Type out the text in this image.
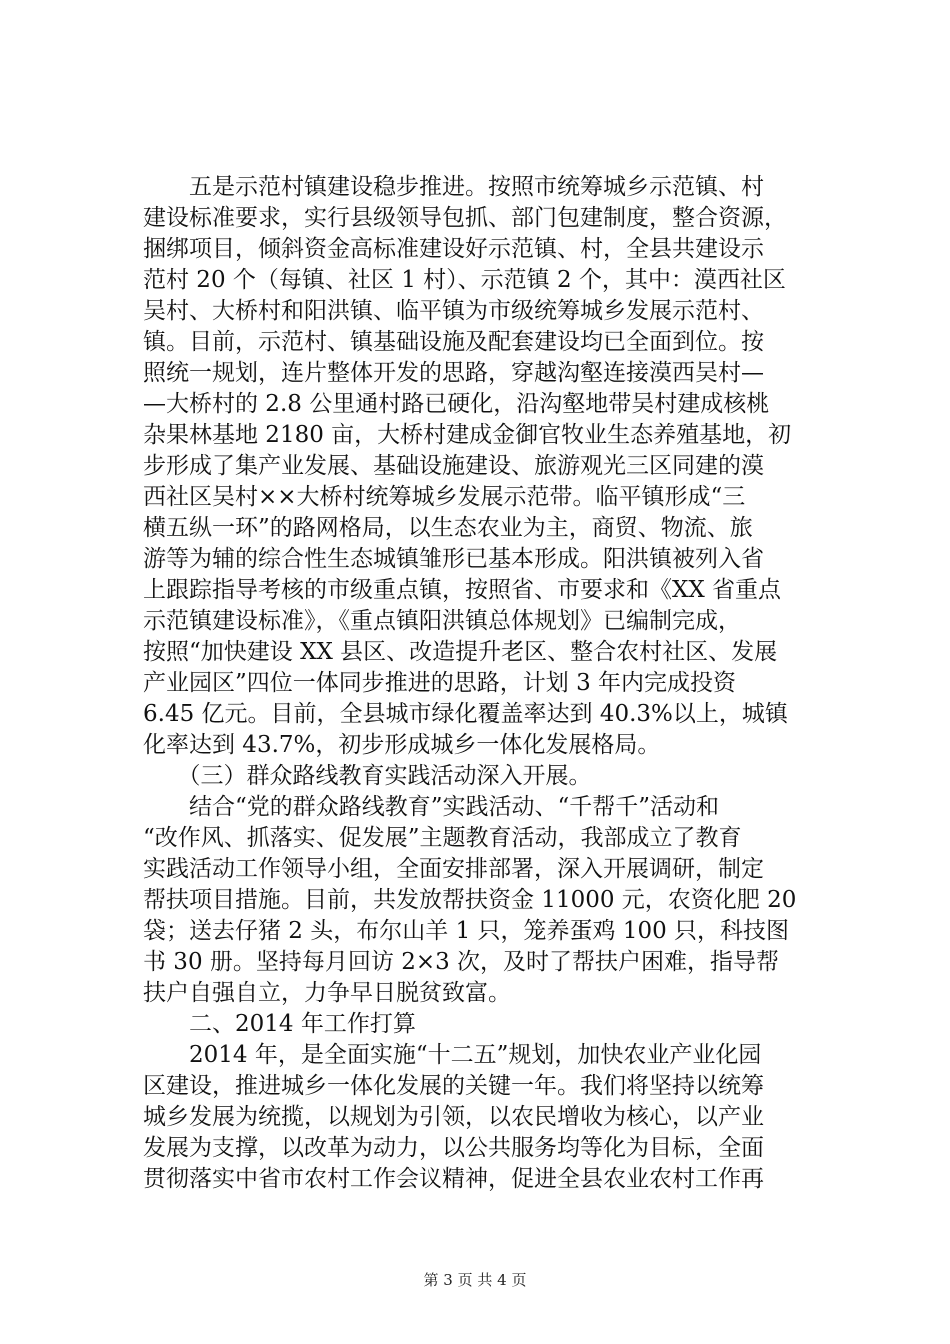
　　五是示范村镇建设稳步推进。按照市统筹城乡示范镇、村
建设标准要求，实行县级领导包抓、部门包建制度，整合资源，
捆绑项目，倾斜资金高标准建设好示范镇、村，全县共建设示
范村 20 个（每镇、社区 1 村）、示范镇 2 个，其中：漠西社区
吴村、大桥村和阳洪镇、临平镇为市级统筹城乡发展示范村、
镇。目前，示范村、镇基础设施及配套建设均已全面到位。按
照统一规划，连片整体开发的思路，穿越沟壑连接漠西吴村—
—大桥村的 2.8 公里通村路已硬化，沿沟壑地带吴村建成核桃
杂果林基地 2180 亩，大桥村建成金御官牧业生态养殖基地，初
步形成了集产业发展、基础设施建设、旅游观光三区同建的漠
西社区吴村××大桥村统筹城乡发展示范带。临平镇形成“三
横五纵一环”的路网格局，以生态农业为主，商贸、物流、旅
游等为辅的综合性生态城镇雏形已基本形成。阳洪镇被列入省
上跟踪指导考核的市级重点镇，按照省、市要求和《XX 省重点
示范镇建设标准》，《重点镇阳洪镇总体规划》已编制完成，
按照“加快建设 XX 县区、改造提升老区、整合农村社区、发展
产业园区”四位一体同步推进的思路，计划 3 年内完成投资
6.45 亿元。目前，全县城市绿化覆盖率达到 40.3%以上，城镇
化率达到 43.7%，初步形成城乡一体化发展格局。
　　（三）群众路线教育实践活动深入开展。
　　结合“党的群众路线教育”实践活动、“千帮千”活动和
“改作风、抓落实、促发展”主题教育活动，我部成立了教育
实践活动工作领导小组，全面安排部署，深入开展调研，制定
帮扶项目措施。目前，共发放帮扶资金 11000 元，农资化肥 20
袋；送去仔猪 2 头，布尔山羊 1 只，笼养蛋鸡 100 只，科技图
书 30 册。坚持每月回访 2×3 次，及时了帮扶户困难，指导帮
扶户自强自立，力争早日脱贫致富。
　　二、2014 年工作打算
　　2014 年，是全面实施“十二五”规划，加快农业产业化园
区建设，推进城乡一体化发展的关键一年。我们将坚持以统筹
城乡发展为统揽，以规划为引领，以农民增收为核心，以产业
发展为支撑，以改革为动力，以公共服务均等化为目标，全面
贯彻落实中省市农村工作会议精神，促进全县农业农村工作再
第 3 页 共 4 页
